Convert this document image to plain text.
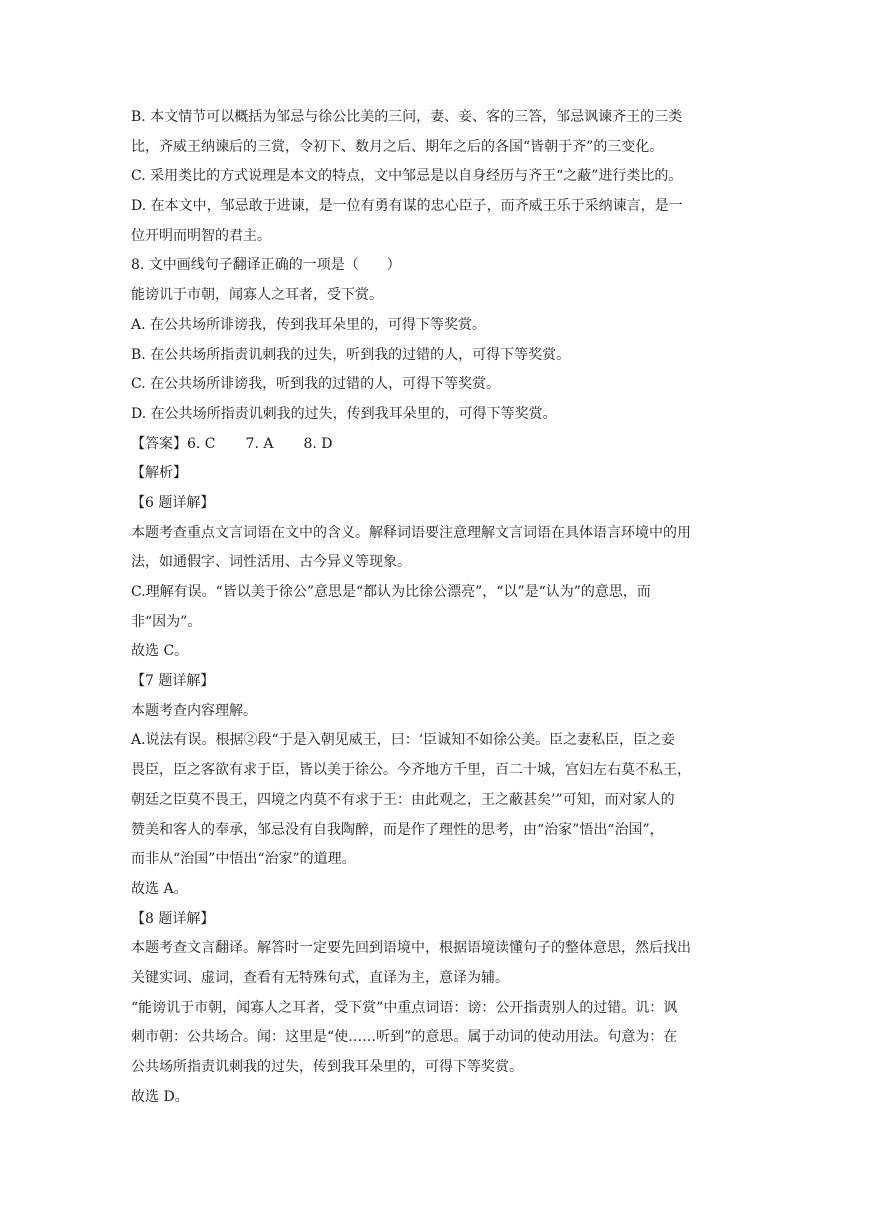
B. 本文情节可以概括为邹忌与徐公比美的三问，妻、妾、客的三答，邹忌讽谏齐王的三类
比，齐威王纳谏后的三赏，令初下、数月之后、期年之后的各国“皆朝于齐”的三变化。
C. 采用类比的方式说理是本文的特点，文中邹忌是以自身经历与齐王“之蔽”进行类比的。
D. 在本文中，邹忌敢于进谏，是一位有勇有谋的忠心臣子，而齐威王乐于采纳谏言，是一
位开明而明智的君主。
8. 文中画线句子翻译正确的一项是（　　）
能谤讥于市朝，闻寡人之耳者，受下赏。
A. 在公共场所诽谤我，传到我耳朵里的，可得下等奖赏。
B. 在公共场所指责讥刺我的过失，听到我的过错的人，可得下等奖赏。
C. 在公共场所诽谤我，听到我的过错的人，可得下等奖赏。
D. 在公共场所指责讥刺我的过失，传到我耳朵里的，可得下等奖赏。
【答案】6. C 7. A 8. D
【解析】
【6 题详解】
本题考查重点文言词语在文中的含义。解释词语要注意理解文言词语在具体语言环境中的用
法，如通假字、词性活用、古今异义等现象。
C.理解有误。“皆以美于徐公”意思是“都认为比徐公漂亮”，“以”是“认为”的意思，而
非“因为”。
故选 C。
【7 题详解】
本题考查内容理解。
A.说法有误。根据②段“于是入朝见威王，曰：‘臣诚知不如徐公美。臣之妻私臣，臣之妾
畏臣，臣之客欲有求于臣，皆以美于徐公。今齐地方千里，百二十城，宫妇左右莫不私王，
朝廷之臣莫不畏王，四境之内莫不有求于王：由此观之，王之蔽甚矣’”可知，而对家人的
赞美和客人的奉承，邹忌没有自我陶醉，而是作了理性的思考，由“治家”悟出“治国”，
而非从“治国”中悟出“治家”的道理。
故选 A。
【8 题详解】
本题考查文言翻译。解答时一定要先回到语境中，根据语境读懂句子的整体意思，然后找出
关键实词、虚词，查看有无特殊句式，直译为主，意译为辅。
“能谤讥于市朝，闻寡人之耳者，受下赏”中重点词语：谤：公开指责别人的过错。讥：讽
刺市朝：公共场合。闻：这里是“使……听到”的意思。属于动词的使动用法。句意为：在
公共场所指责讥刺我的过失，传到我耳朵里的，可得下等奖赏。
故选 D。
